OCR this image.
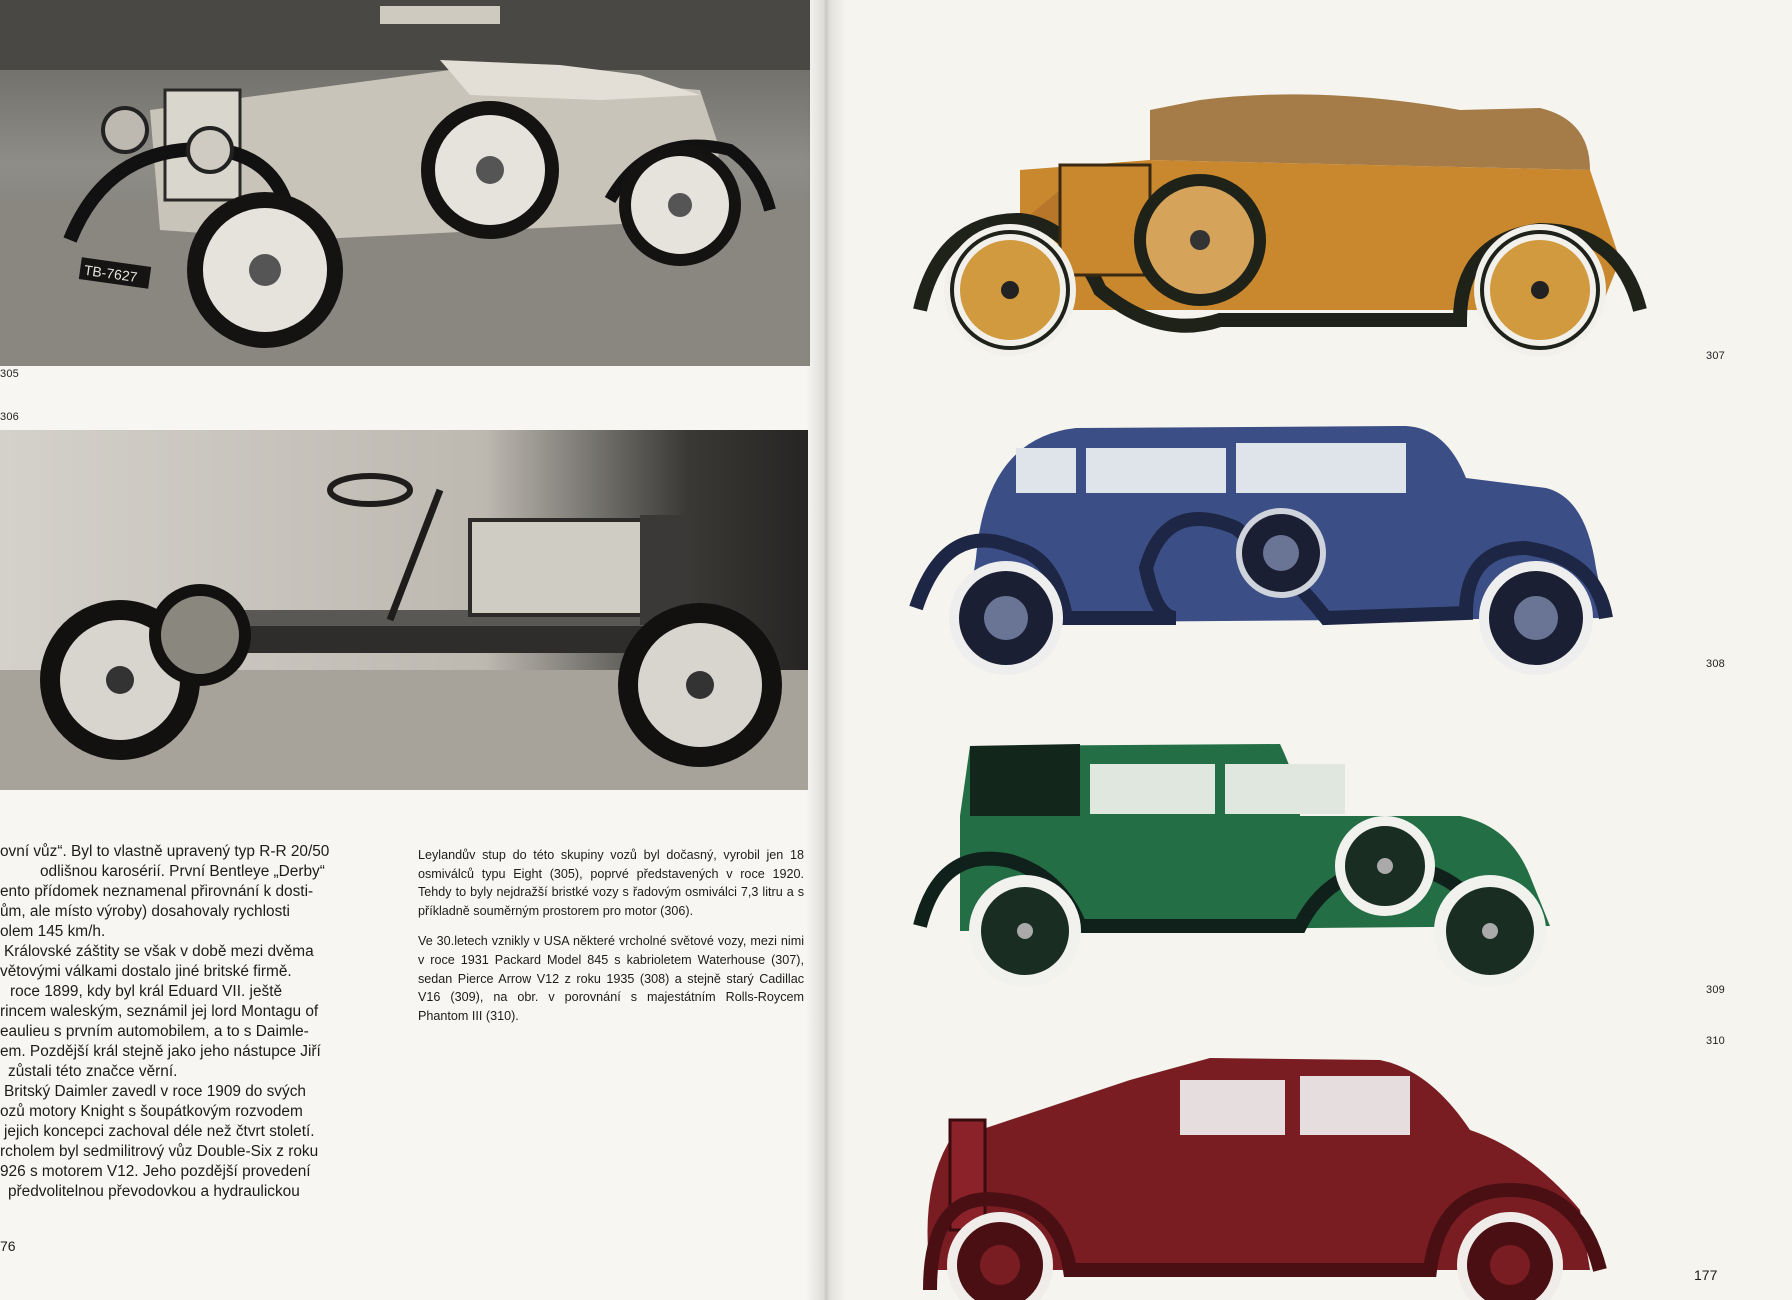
TB-7627
305
306
ovní vůz“. Byl to vlastně upravený typ R-R 20/50
odlišnou karosérií. První Bentleye „Derby“
ento přídomek neznamenal přirovnání k dosti-
ům, ale místo výroby) dosahovaly rychlosti
olem 145 km/h.
Královské záštity se však v době mezi dvěma
větovými válkami dostalo jiné britské firmě.
roce 1899, kdy byl král Eduard VII. ještě
rincem waleským, seznámil jej lord Montagu of
eaulieu s prvním automobilem, a to s Daimle-
em. Pozdější král stejně jako jeho nástupce Jiří
zůstali této značce věrní.
Britský Daimler zavedl v roce 1909 do svých
ozů motory Knight s šoupátkovým rozvodem
jejich koncepci zachoval déle než čtvrt století.
rcholem byl sedmilitrový vůz Double-Six z roku
926 s motorem V12. Jeho pozdější provedení
předvolitelnou převodovkou a hydraulickou

Leylandův stup do této skupiny vozů byl dočasný, vyrobil jen 18 osmiválců typu Eight (305), poprvé představených v roce 1920. Tehdy to byly nejdražší bristké vozy s řadovým osmiválci 7,3 litru a s příkladně souměrným prostorem pro motor (306).

Ve 30.letech vznikly v USA některé vrcholné světové vozy, mezi nimi v roce 1931 Packard Model 845 s kabrioletem Waterhouse (307), sedan Pierce Arrow V12 z roku 1935 (308) a stejně starý Cadillac V16 (309), na obr. v porovnání s majestátním Rolls-Roycem Phantom III (310).

76
307
308
309
310
177
